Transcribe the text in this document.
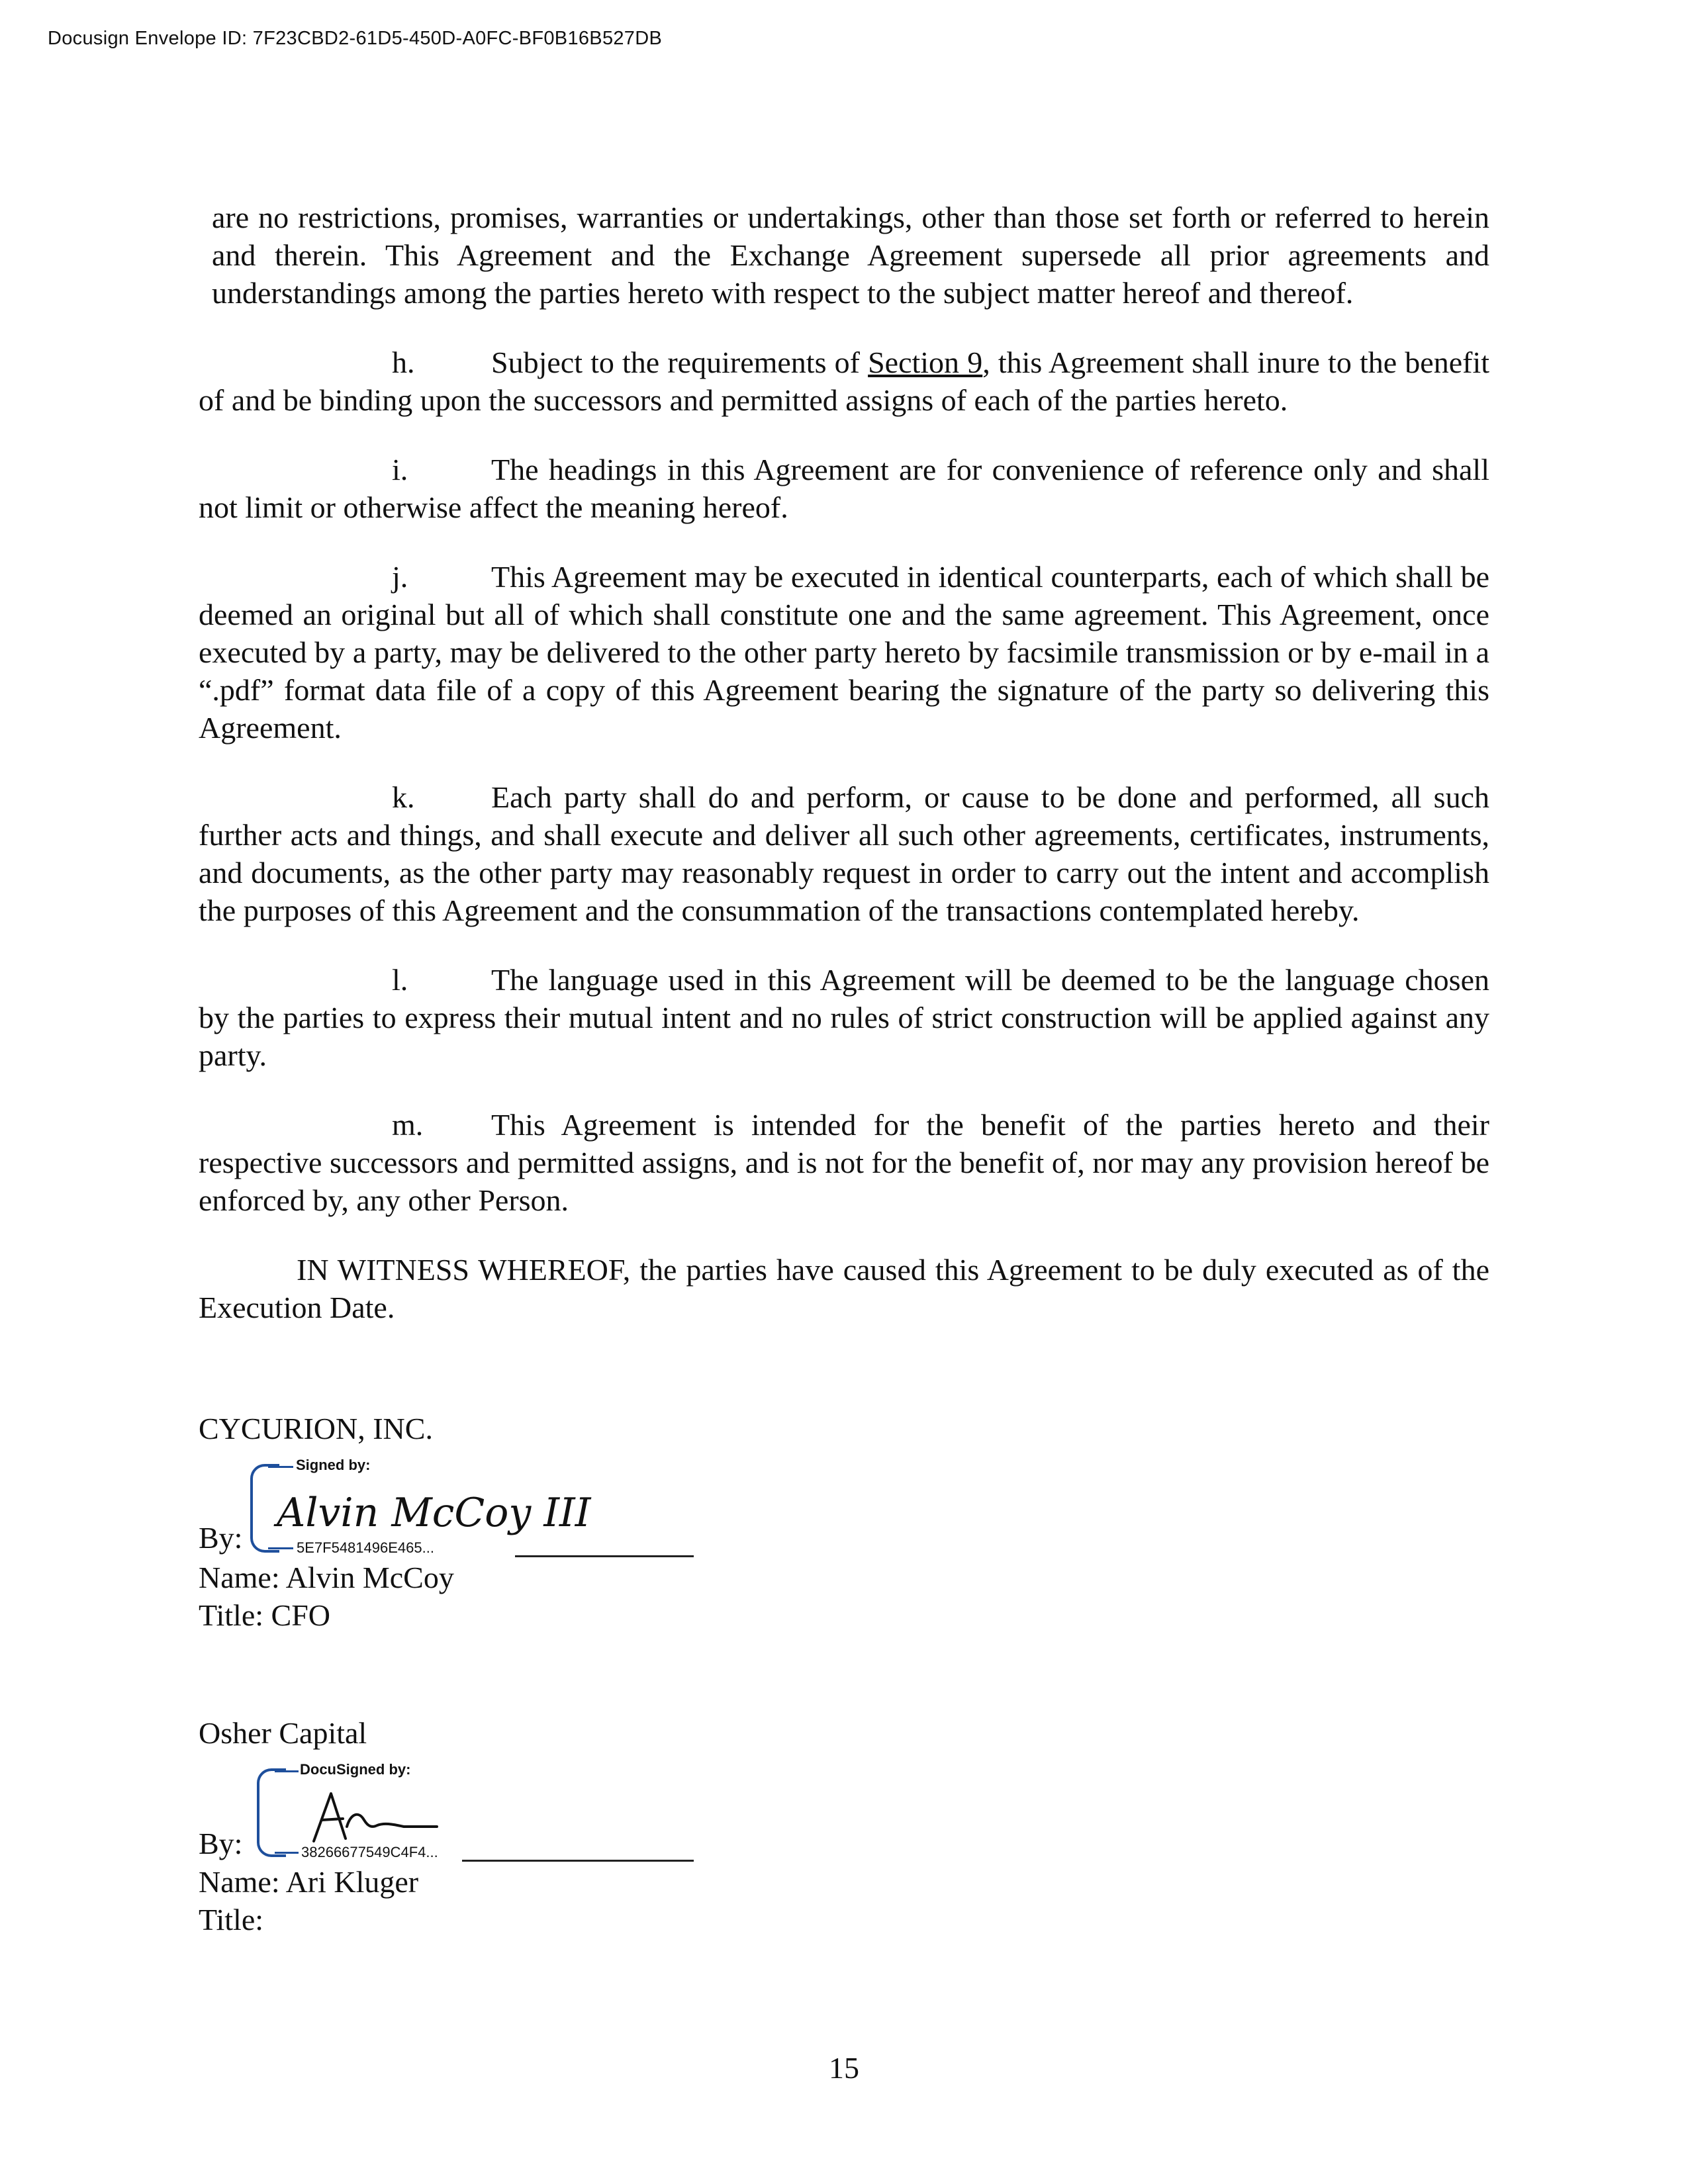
Docusign Envelope ID: 7F23CBD2-61D5-450D-A0FC-BF0B16B527DB

are no restrictions, promises, warranties or undertakings, other than those set forth or referred to herein and therein. This Agreement and the Exchange Agreement supersede all prior agreements and understandings among the parties hereto with respect to the subject matter hereof and thereof.

h.	Subject to the requirements of Section 9, this Agreement shall inure to the benefit of and be binding upon the successors and permitted assigns of each of the parties hereto.

i.	The headings in this Agreement are for convenience of reference only and shall not limit or otherwise affect the meaning hereof.

j.	This Agreement may be executed in identical counterparts, each of which shall be deemed an original but all of which shall constitute one and the same agreement. This Agreement, once executed by a party, may be delivered to the other party hereto by facsimile transmission or by e-mail in a “.pdf” format data file of a copy of this Agreement bearing the signature of the party so delivering this Agreement.

k.	Each party shall do and perform, or cause to be done and performed, all such further acts and things, and shall execute and deliver all such other agreements, certificates, instruments, and documents, as the other party may reasonably request in order to carry out the intent and accomplish the purposes of this Agreement and the consummation of the transactions contemplated hereby.

l.	The language used in this Agreement will be deemed to be the language chosen by the parties to express their mutual intent and no rules of strict construction will be applied against any party.

m. This Agreement is intended for the benefit of the parties hereto and their respective successors and permitted assigns, and is not for the benefit of, nor may any provision hereof be enforced by, any other Person.

IN WITNESS WHEREOF, the parties have caused this Agreement to be duly executed as of the Execution Date.

CYCURION, INC.
Signed by:
Alvin McCoy III
By:	5E7F5481496E465...
Name: Alvin McCoy
Title: CFO
Osher Capital
DocuSigned by:
AK
By:	38266677549C4F4...
Name: Ari Kluger
Title:
15
